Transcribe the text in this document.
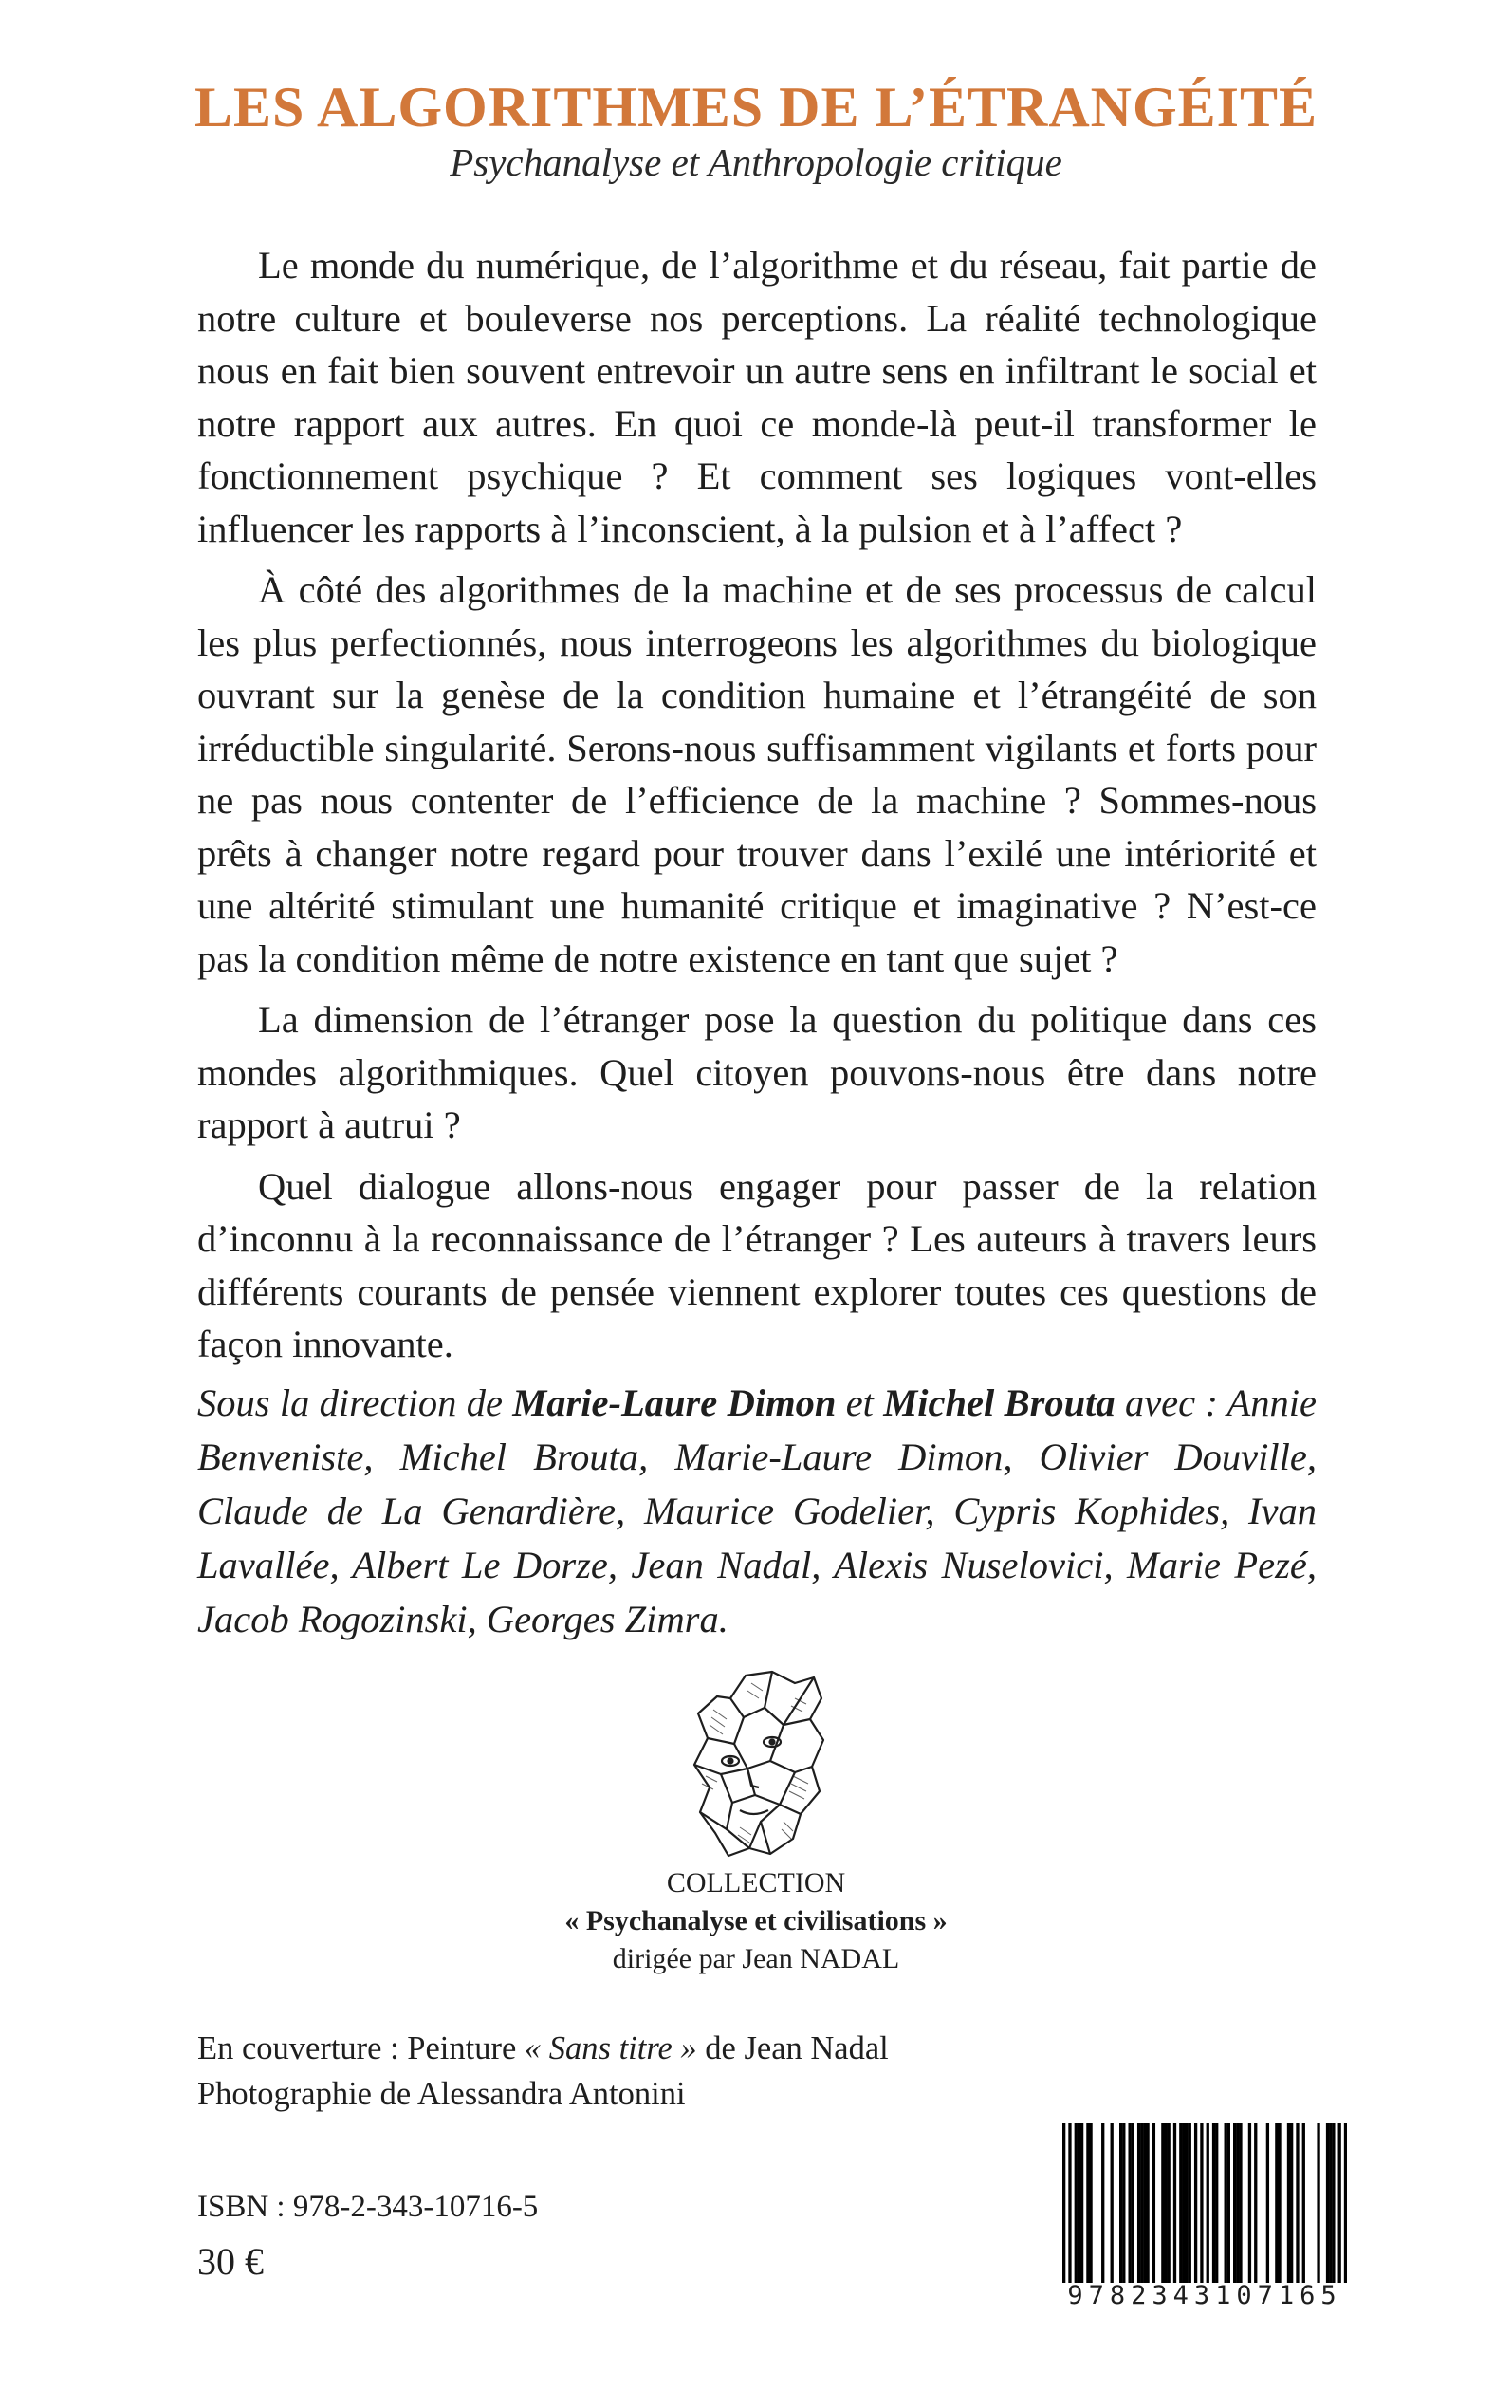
LES ALGORITHMES DE L’ÉTRANGÉITÉ
Psychanalyse et Anthropologie critique

Le monde du numérique, de l’algorithme et du réseau, fait partie de notre culture et bouleverse nos perceptions. La réalité technologique nous en fait bien souvent entrevoir un autre sens en infiltrant le social et notre rapport aux autres. En quoi ce monde-là peut-il transformer le fonctionnement psychique ? Et comment ses logiques vont-elles influencer les rapports à l’inconscient, à la pulsion et à l’affect ?

À côté des algorithmes de la machine et de ses processus de calcul les plus perfectionnés, nous interrogeons les algorithmes du biologique ouvrant sur la genèse de la condition humaine et l’étrangéité de son irréductible singularité. Serons-nous suffisamment vigilants et forts pour ne pas nous contenter de l’efficience de la machine ? Sommes-nous prêts à changer notre regard pour trouver dans l’exilé une intériorité et une altérité stimulant une humanité critique et imaginative ? N’est-ce pas la condition même de notre existence en tant que sujet ?

La dimension de l’étranger pose la question du politique dans ces mondes algorithmiques. Quel citoyen pouvons-nous être dans notre rapport à autrui ?

Quel dialogue allons-nous engager pour passer de la relation d’inconnu à la reconnaissance de l’étranger ? Les auteurs à travers leurs différents courants de pensée viennent explorer toutes ces questions de façon innovante.

Sous la direction de Marie-Laure Dimon et Michel Brouta avec : Annie Benveniste, Michel Brouta, Marie-Laure Dimon, Olivier Douville, Claude de La Genardière, Maurice Godelier, Cypris Kophides, Ivan Lavallée, Albert Le Dorze, Jean Nadal, Alexis Nuselovici, Marie Pezé, Jacob Rogozinski, Georges Zimra.

COLLECTION
« Psychanalyse et civilisations »
dirigée par Jean NADAL
En couverture : Peinture « Sans titre » de Jean Nadal
Photographie de Alessandra Antonini
ISBN : 978-2-343-10716-5
30 €
9782343107165
